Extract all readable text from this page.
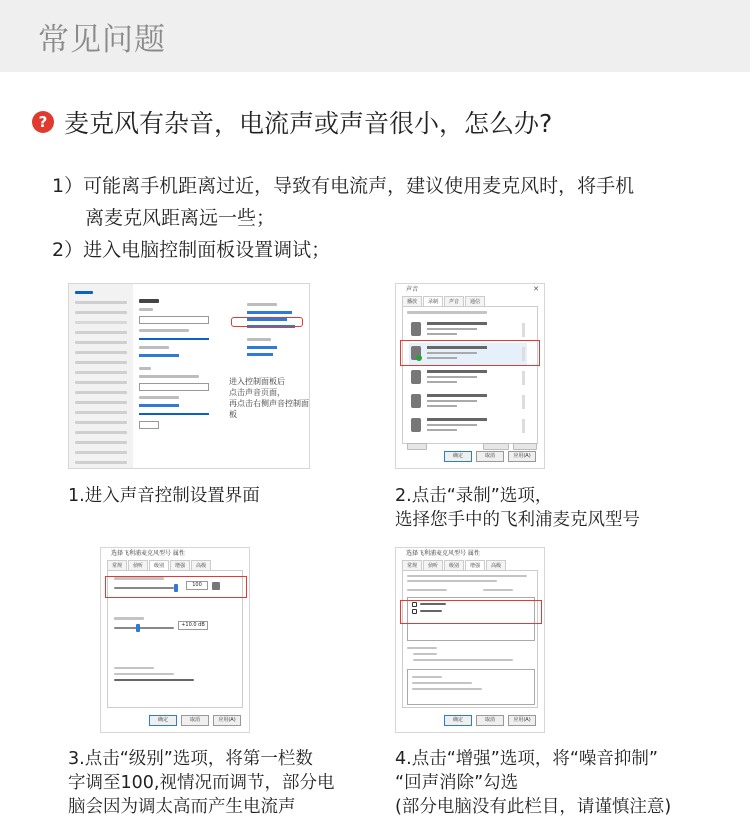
常见问题
? 麦克风有杂音，电流声或声音很小，怎么办?
1）可能离手机距离过近，导致有电流声，建议使用麦克风时，将手机
离麦克风距离远一些；
2）进入电脑控制面板设置调试；
进入控制面板后
点击声音页面，
再点击右侧声音控制面板
1.进入声音控制设置界面
声音	✕
播放	录制	声音	通信
确定	取消	应用(A)
2.点击“录制”选项，
选择您手中的飞利浦麦克风型号
选择飞利浦麦克风型号 属性
常规	侦听	级别	增强	高级
100
+10.0 dB
确定	取消	应用(A)
3.点击“级别”选项，将第一栏数
字调至100,视情况而调节，部分电
脑会因为调太高而产生电流声
选择飞利浦麦克风型号 属性
常规	侦听	级别	增强	高级
确定	取消	应用(A)
4.点击“增强”选项，将“噪音抑制”
“回声消除”勾选
(部分电脑没有此栏目，请谨慎注意)
